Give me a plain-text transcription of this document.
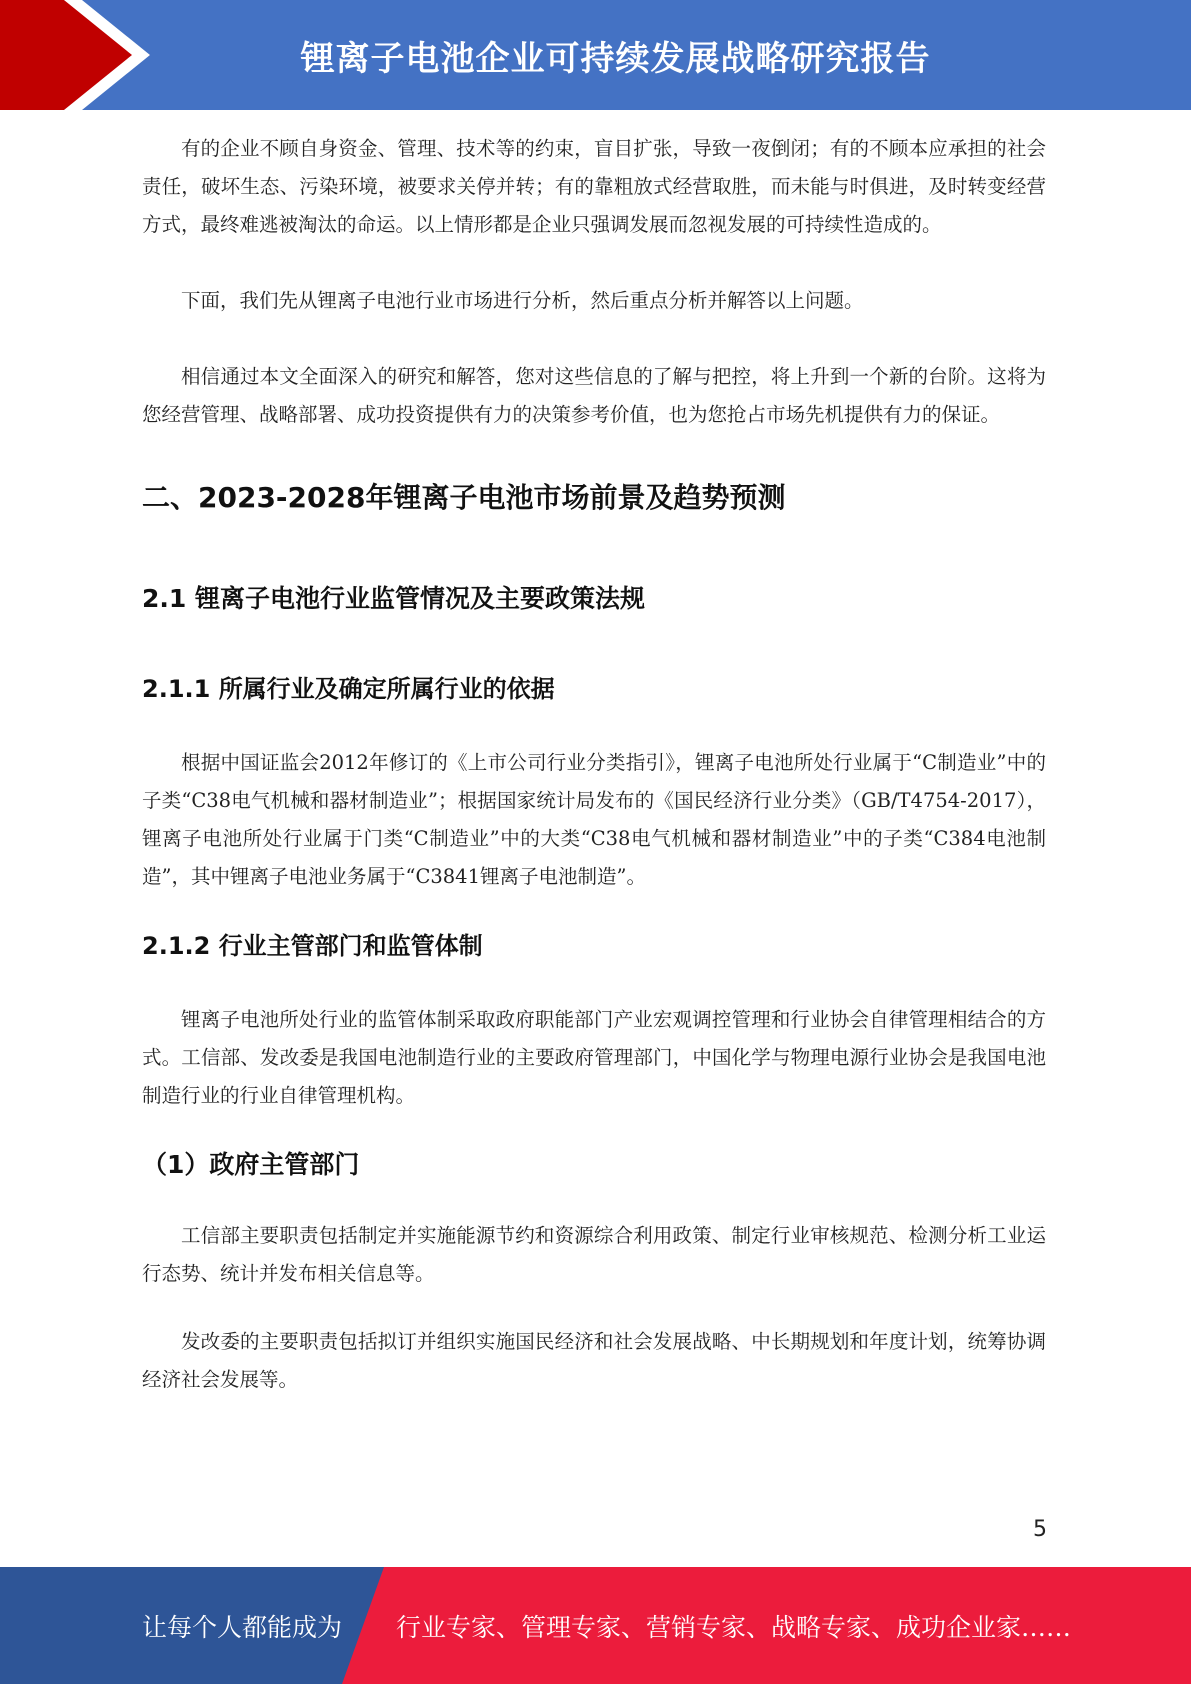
锂离子电池企业可持续发展战略研究报告

有的企业不顾自身资金、管理、技术等的约束，盲目扩张，导致一夜倒闭；有的不顾本应承担的社会责任，破坏生态、污染环境，被要求关停并转；有的靠粗放式经营取胜，而未能与时俱进，及时转变经营方式，最终难逃被淘汰的命运。以上情形都是企业只强调发展而忽视发展的可持续性造成的。

下面，我们先从锂离子电池行业市场进行分析，然后重点分析并解答以上问题。

相信通过本文全面深入的研究和解答，您对这些信息的了解与把控，将上升到一个新的台阶。这将为您经营管理、战略部署、成功投资提供有力的决策参考价值，也为您抢占市场先机提供有力的保证。

二、2023-2028年锂离子电池市场前景及趋势预测
2.1 锂离子电池行业监管情况及主要政策法规
2.1.1 所属行业及确定所属行业的依据

根据中国证监会2012年修订的《上市公司行业分类指引》，锂离子电池所处行业属于“C制造业”中的子类“C38电气机械和器材制造业”；根据国家统计局发布的《国民经济行业分类》（GB/T4754-2017），锂离子电池所处行业属于门类“C制造业”中的大类“C38电气机械和器材制造业”中的子类“C384电池制造”，其中锂离子电池业务属于“C3841锂离子电池制造”。

2.1.2 行业主管部门和监管体制

锂离子电池所处行业的监管体制采取政府职能部门产业宏观调控管理和行业协会自律管理相结合的方式。工信部、发改委是我国电池制造行业的主要政府管理部门，中国化学与物理电源行业协会是我国电池制造行业的行业自律管理机构。

（1）政府主管部门

工信部主要职责包括制定并实施能源节约和资源综合利用政策、制定行业审核规范、检测分析工业运行态势、统计并发布相关信息等。

发改委的主要职责包括拟订并组织实施国民经济和社会发展战略、中长期规划和年度计划，统筹协调经济社会发展等。

5
让每个人都能成为 行业专家、管理专家、营销专家、战略专家、成功企业家……
